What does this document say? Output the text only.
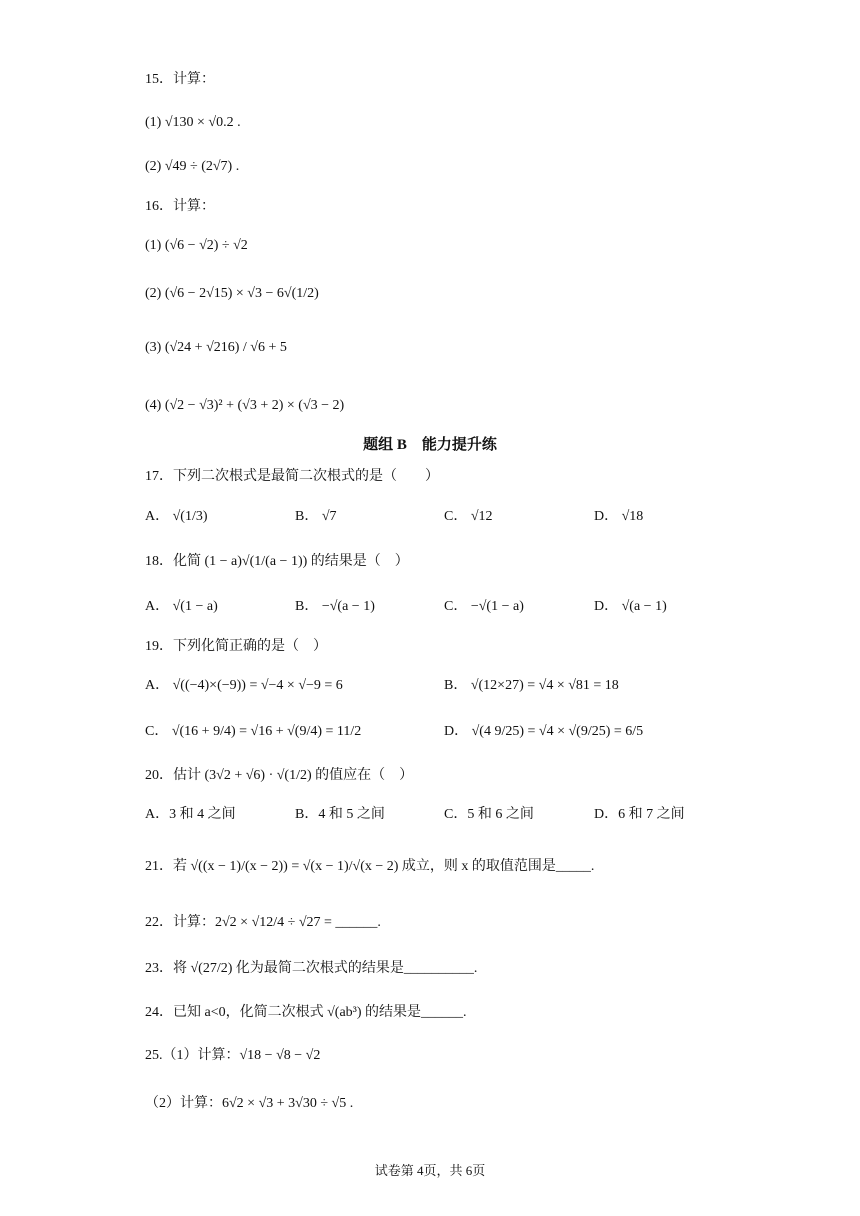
15．计算：
(1) √130 × √0.2 .
(2) √49 ÷ (2√7) .
16．计算：
(1) (√6 − √2) ÷ √2
(2) (√6 − 2√15) × √3 − 6√(1/2)
(3) (√24 + √216) / √6 + 5
(4) (√2 − √3)² + (√3 + 2) × (√3 − 2)
题组 B　能力提升练
17．下列二次根式是最简二次根式的是（　　）
A． √(1/3)	B． √7	C． √12	D． √18
18．化简 (1 − a)√(1/(a − 1)) 的结果是（　）
A． √(1 − a)	B． −√(a − 1)	C． −√(1 − a)	D． √(a − 1)
19．下列化简正确的是（　）
A． √((−4)×(−9)) = √−4 × √−9 = 6	B． √(12×27) = √4 × √81 = 18
C． √(16 + 9/4) = √16 + √(9/4) = 11/2	D． √(4 9/25) = √4 × √(9/25) = 6/5
20．估计 (3√2 + √6) · √(1/2) 的值应在（　）
A．3 和 4 之间	B．4 和 5 之间	C．5 和 6 之间	D．6 和 7 之间
21．若 √((x − 1)/(x − 2)) = √(x − 1)/√(x − 2) 成立，则 x 的取值范围是_____.
22．计算：2√2 × √12/4 ÷ √27 = ______.
23．将 √(27/2) 化为最简二次根式的结果是__________.
24．已知 a<0，化简二次根式 √(ab³) 的结果是______.
25.（1）计算：√18 − √8 − √2
（2）计算：6√2 × √3 + 3√30 ÷ √5 .
试卷第 4页，共 6页
